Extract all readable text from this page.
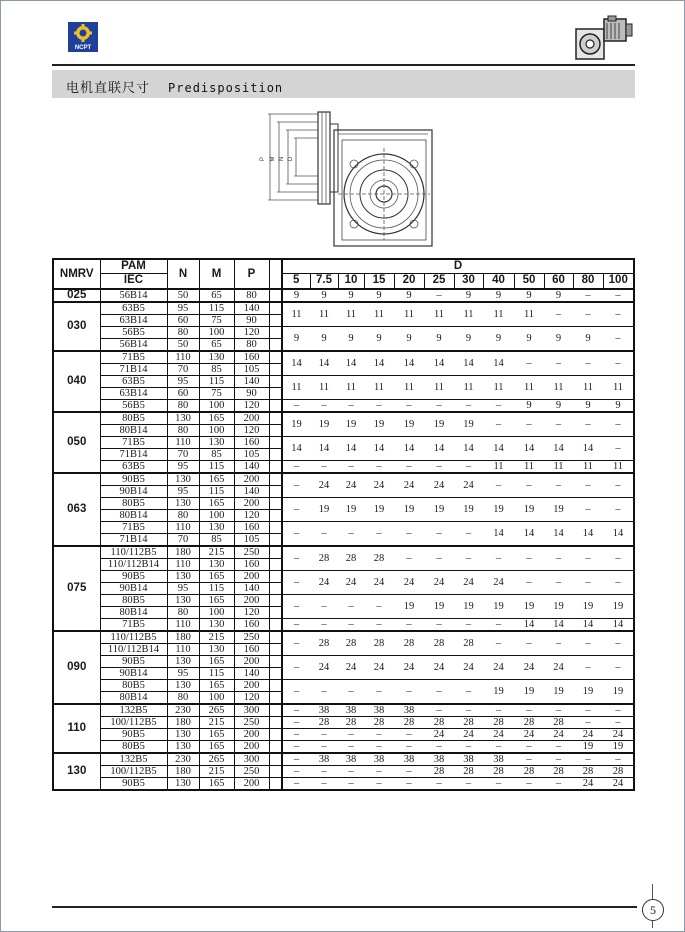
NCPT
电机直联尺寸 Predisposition
P M N D
NMRV	PAM	N	M	P		D											
	IEC					5	7.5	10	15	20	25	30	40	50	60	80	100
025	56B14	50	65	80		9	9	9	9	9	–	9	9	9	9	–	–
030	63B5	95	115	140		11	11	11	11	11	11	11	11	11	–	–	–
	63B14	60	75	90													
	56B5	80	100	120		9	9	9	9	9	9	9	9	9	9	9	–
	56B14	50	65	80													
040	71B5	110	130	160		14	14	14	14	14	14	14	14	–	–	–	–
	71B14	70	85	105													
	63B5	95	115	140		11	11	11	11	11	11	11	11	11	11	11	11
	63B14	60	75	90													
	56B5	80	100	120		–	–	–	–	–	–	–	–	9	9	9	9
050	80B5	130	165	200		19	19	19	19	19	19	19	–	–	–	–	–
	80B14	80	100	120													
	71B5	110	130	160		14	14	14	14	14	14	14	14	14	14	14	–
	71B14	70	85	105													
	63B5	95	115	140		–	–	–	–	–	–	–	11	11	11	11	11
063	90B5	130	165	200		–	24	24	24	24	24	24	–	–	–	–	–
	90B14	95	115	140													
	80B5	130	165	200		–	19	19	19	19	19	19	19	19	19	–	–
	80B14	80	100	120													
	71B5	110	130	160		–	–	–	–	–	–	–	14	14	14	14	14
	71B14	70	85	105													
075	110/112B5	180	215	250		–	28	28	28	–	–	–	–	–	–	–	–
	110/112B14	110	130	160													
	90B5	130	165	200		–	24	24	24	24	24	24	24	–	–	–	–
	90B14	95	115	140													
	80B5	130	165	200		–	–	–	–	19	19	19	19	19	19	19	19
	80B14	80	100	120													
	71B5	110	130	160		–	–	–	–	–	–	–	–	14	14	14	14
090	110/112B5	180	215	250		–	28	28	28	28	28	28	–	–	–	–	–
	110/112B14	110	130	160													
	90B5	130	165	200		–	24	24	24	24	24	24	24	24	24	–	–
	90B14	95	115	140													
	80B5	130	165	200		–	–	–	–	–	–	–	19	19	19	19	19
	80B14	80	100	120													
110	132B5	230	265	300		–	38	38	38	38	–	–	–	–	–	–	–
	100/112B5	180	215	250		–	28	28	28	28	28	28	28	28	28	–	–
	90B5	130	165	200		–	–	–	–	–	24	24	24	24	24	24	24
	80B5	130	165	200		–	–	–	–	–	–	–	–	–	–	19	19
130	132B5	230	265	300		–	38	38	38	38	38	38	38	–	–	–	–
	100/112B5	180	215	250		–	–	–	–	–	28	28	28	28	28	28	28
	90B5	130	165	200		–	–	–	–	–	–	–	–	–	–	24	24
5
